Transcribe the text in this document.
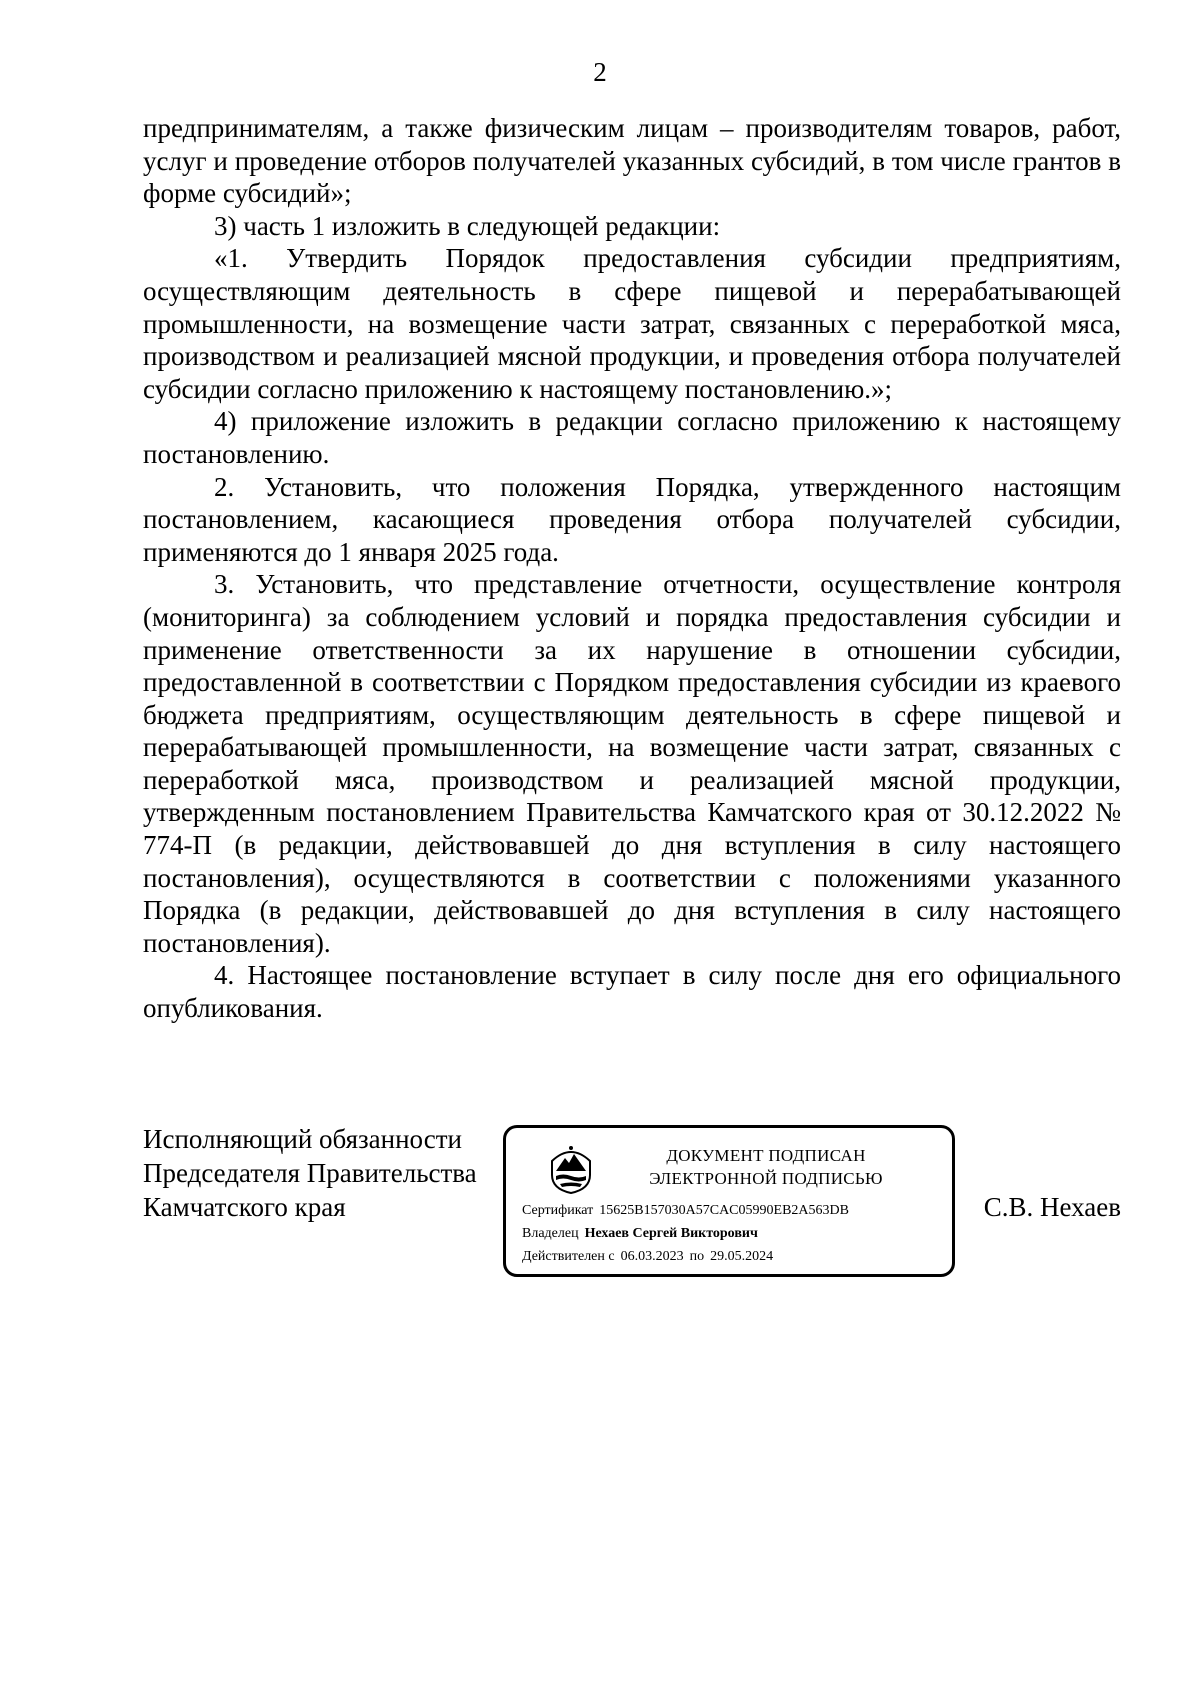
2

предпринимателям, а также физическим лицам – производителям товаров, работ, услуг и проведение отборов получателей указанных субсидий, в том числе грантов в форме субсидий»;

3) часть 1 изложить в следующей редакции:

«1. Утвердить Порядок предоставления субсидии предприятиям, осуществляющим деятельность в сфере пищевой и перерабатывающей промышленности, на возмещение части затрат, связанных с переработкой мяса, производством и реализацией мясной продукции, и проведения отбора получателей субсидии согласно приложению к настоящему постановлению.»;

4) приложение изложить в редакции согласно приложению к настоящему постановлению.

2. Установить, что положения Порядка, утвержденного настоящим постановлением, касающиеся проведения отбора получателей субсидии, применяются до 1 января 2025 года.

3. Установить, что представление отчетности, осуществление контроля (мониторинга) за соблюдением условий и порядка предоставления субсидии и применение ответственности за их нарушение в отношении субсидии, предоставленной в соответствии с Порядком предоставления субсидии из краевого бюджета предприятиям, осуществляющим деятельность в сфере пищевой и перерабатывающей промышленности, на возмещение части затрат, связанных с переработкой мяса, производством и реализацией мясной продукции, утвержденным постановлением Правительства Камчатского края от 30.12.2022 № 774-П (в редакции, действовавшей до дня вступления в силу настоящего постановления), осуществляются в соответствии с положениями указанного Порядка (в редакции, действовавшей до дня вступления в силу настоящего постановления).

4. Настоящее постановление вступает в силу после дня его официального опубликования.

Исполняющий обязанности
Председателя Правительства
Камчатского края
ДОКУМЕНТ ПОДПИСАН
ЭЛЕКТРОННОЙ ПОДПИСЬЮ
Сертификат 15625B157030A57CAC05990EB2A563DB
Владелец Нехаев Сергей Викторович
Действителен с 06.03.2023 по 29.05.2024
С.В. Нехаев
